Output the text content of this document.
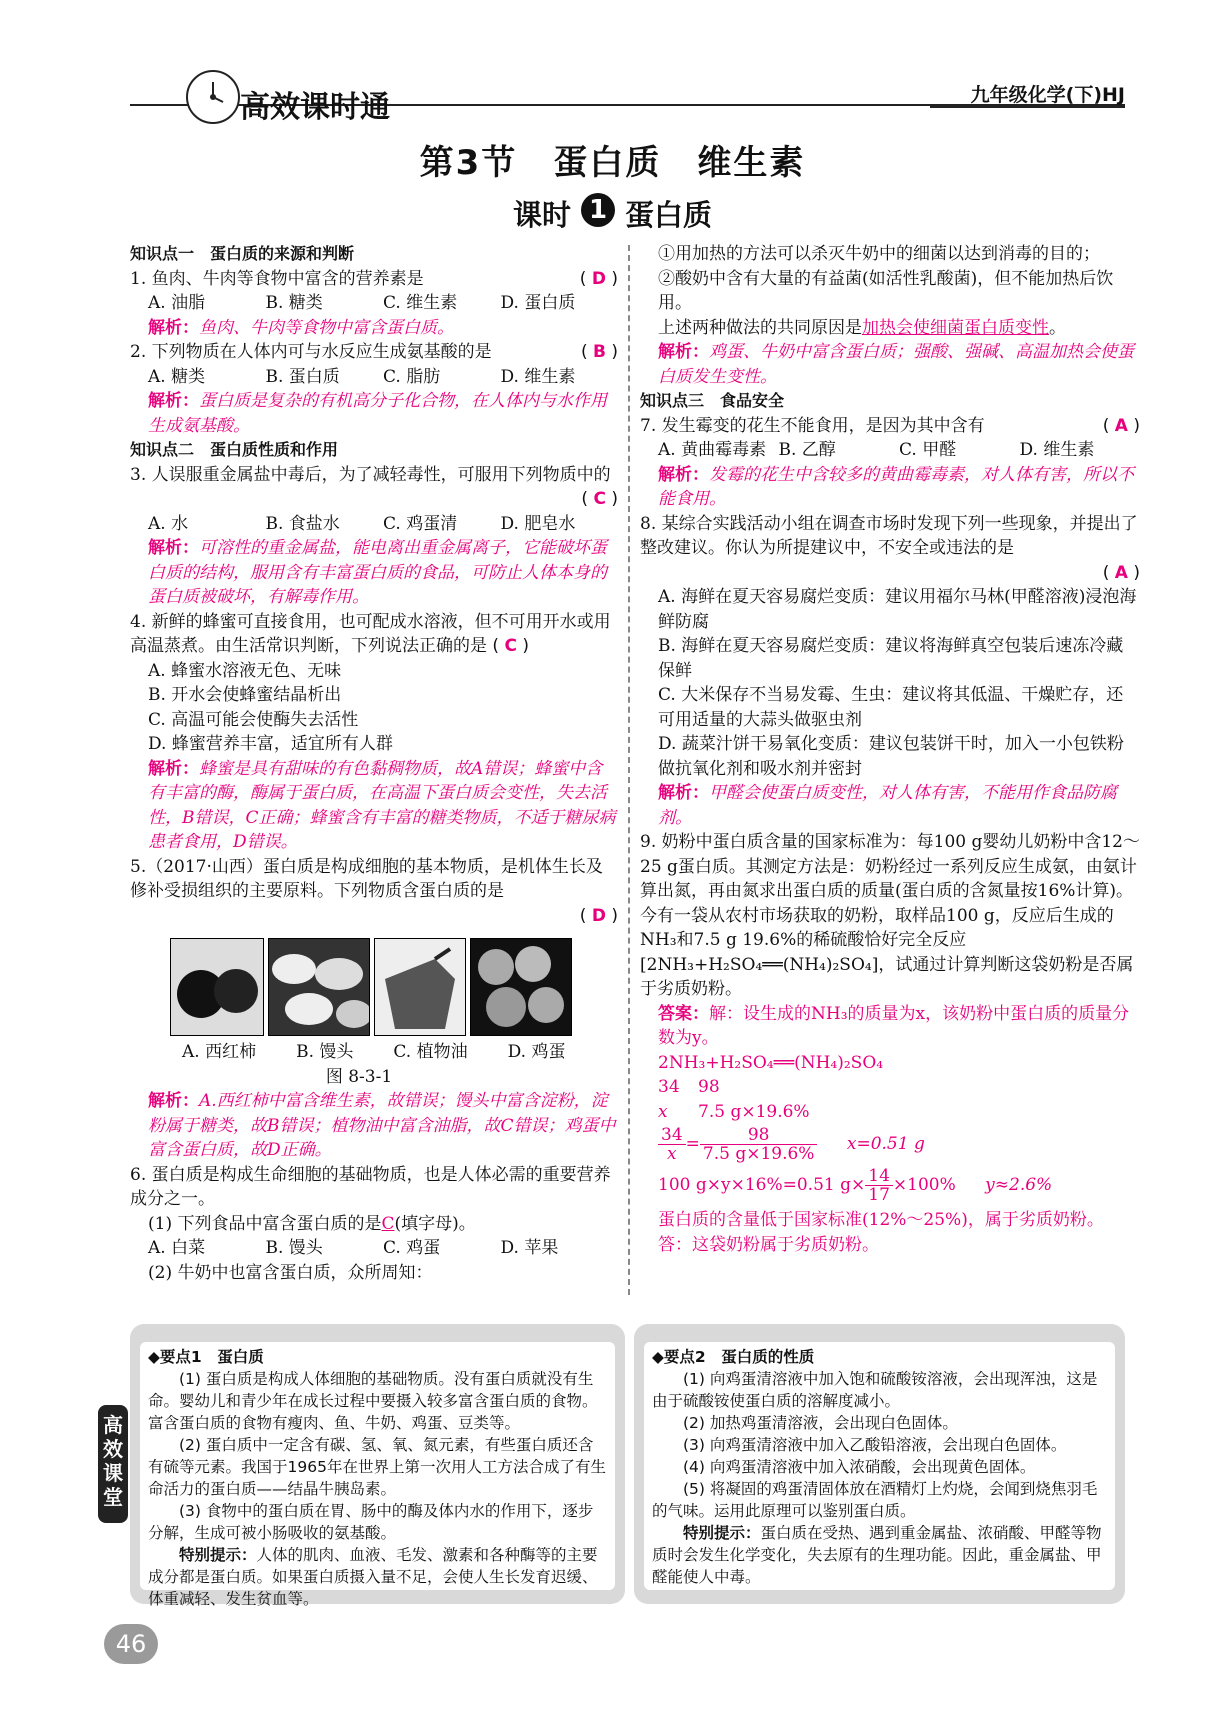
高效课时通	九年级化学(下)HJ
第3节　蛋白质　维生素
课时 1 蛋白质
知识点一　蛋白质的来源和判断
( D )
1. 鱼肉、牛肉等食物中富含的营养素是
A. 油脂	B. 糖类	C. 维生素	D. 蛋白质
解析：鱼肉、牛肉等食物中富含蛋白质。
( B )
2. 下列物质在人体内可与水反应生成氨基酸的是
A. 糖类	B. 蛋白质	C. 脂肪	D. 维生素
解析：蛋白质是复杂的有机高分子化合物，在人体内与水作用生成氨基酸。
知识点二　蛋白质性质和作用
3. 人误服重金属盐中毒后，为了减轻毒性，可服用下列物质中的
( C )
A. 水	B. 食盐水	C. 鸡蛋清	D. 肥皂水
解析：可溶性的重金属盐，能电离出重金属离子，它能破坏蛋白质的结构，服用含有丰富蛋白质的食品，可防止人体本身的蛋白质被破坏，有解毒作用。
4. 新鲜的蜂蜜可直接食用，也可配成水溶液，但不可用开水或用高温蒸煮。由生活常识判断，下列说法正确的是 ( C )
A. 蜂蜜水溶液无色、无味
B. 开水会使蜂蜜结晶析出
C. 高温可能会使酶失去活性
D. 蜂蜜营养丰富，适宜所有人群
解析：蜂蜜是具有甜味的有色黏稠物质，故A错误；蜂蜜中含有丰富的酶，酶属于蛋白质，在高温下蛋白质会变性，失去活性，B错误，C正确；蜂蜜含有丰富的糖类物质，不适于糖尿病患者食用，D错误。
5.（2017·山西）蛋白质是构成细胞的基本物质，是机体生长及修补受损组织的主要原料。下列物质含蛋白质的是
( D )
A. 西红柿 B. 馒头 C. 植物油 D. 鸡蛋
图 8-3-1
解析：A.西红柿中富含维生素，故错误；馒头中富含淀粉，淀粉属于糖类，故B错误；植物油中富含油脂，故C错误；鸡蛋中富含蛋白质，故D正确。
6. 蛋白质是构成生命细胞的基础物质，也是人体必需的重要营养成分之一。
(1) 下列食品中富含蛋白质的是C(填字母)。
A. 白菜	B. 馒头	C. 鸡蛋	D. 苹果
(2) 牛奶中也富含蛋白质，众所周知：
①用加热的方法可以杀灭牛奶中的细菌以达到消毒的目的；
②酸奶中含有大量的有益菌(如活性乳酸菌)，但不能加热后饮用。
上述两种做法的共同原因是加热会使细菌蛋白质变性。
解析：鸡蛋、牛奶中富含蛋白质；强酸、强碱、高温加热会使蛋白质发生变性。
知识点三　食品安全
( A )
7. 发生霉变的花生不能食用，是因为其中含有
A. 黄曲霉毒素 B. 乙醇	C. 甲醛	D. 维生素
解析：发霉的花生中含较多的黄曲霉毒素，对人体有害，所以不能食用。
8. 某综合实践活动小组在调查市场时发现下列一些现象，并提出了整改建议。你认为所提建议中，不安全或违法的是
( A )
A. 海鲜在夏天容易腐烂变质：建议用福尔马林(甲醛溶液)浸泡海鲜防腐
B. 海鲜在夏天容易腐烂变质：建议将海鲜真空包装后速冻冷藏保鲜
C. 大米保存不当易发霉、生虫：建议将其低温、干燥贮存，还可用适量的大蒜头做驱虫剂
D. 蔬菜汁饼干易氧化变质：建议包装饼干时，加入一小包铁粉做抗氧化剂和吸水剂并密封
解析：甲醛会使蛋白质变性，对人体有害，不能用作食品防腐剂。
9. 奶粉中蛋白质含量的国家标准为：每100 g婴幼儿奶粉中含12～25 g蛋白质。其测定方法是：奶粉经过一系列反应生成氨，由氨计算出氮，再由氮求出蛋白质的质量(蛋白质的含氮量按16%计算)。今有一袋从农村市场获取的奶粉，取样品100 g，反应后生成的NH₃和7.5 g 19.6%的稀硫酸恰好完全反应[2NH₃+H₂SO₄══(NH₄)₂SO₄]，试通过计算判断这袋奶粉是否属于劣质奶粉。
答案：解：设生成的NH₃的质量为x，该奶粉中蛋白质的质量分数为y。
2NH₃+H₂SO₄══(NH₄)₂SO₄
34 98
x 7.5 g×19.6%
$\frac{34}{x} = \frac{98}{7.5 g\times 19.6\%} x=0.51$ g
100 g×y×16%=0.51 $g\times \frac{14}{17} \times 100\%$ y≈2.6%
蛋白质的含量低于国家标准(12%～25%)，属于劣质奶粉。
答：这袋奶粉属于劣质奶粉。
◆要点1　蛋白质
(1) 蛋白质是构成人体细胞的基础物质。没有蛋白质就没有生命。婴幼儿和青少年在成长过程中要摄入较多富含蛋白质的食物。富含蛋白质的食物有瘦肉、鱼、牛奶、鸡蛋、豆类等。
(2) 蛋白质中一定含有碳、氢、氧、氮元素，有些蛋白质还含有硫等元素。我国于1965年在世界上第一次用人工方法合成了有生命活力的蛋白质——结晶牛胰岛素。
(3) 食物中的蛋白质在胃、肠中的酶及体内水的作用下，逐步分解，生成可被小肠吸收的氨基酸。
特别提示：人体的肌肉、血液、毛发、激素和各种酶等的主要成分都是蛋白质。如果蛋白质摄入量不足，会使人生长发育迟缓、体重减轻、发生贫血等。
◆要点2　蛋白质的性质
(1) 向鸡蛋清溶液中加入饱和硫酸铵溶液，会出现浑浊，这是由于硫酸铵使蛋白质的溶解度减小。
(2) 加热鸡蛋清溶液，会出现白色固体。
(3) 向鸡蛋清溶液中加入乙酸铅溶液，会出现白色固体。
(4) 向鸡蛋清溶液中加入浓硝酸，会出现黄色固体。
(5) 将凝固的鸡蛋清固体放在酒精灯上灼烧，会闻到烧焦羽毛的气味。运用此原理可以鉴别蛋白质。
特别提示：蛋白质在受热、遇到重金属盐、浓硝酸、甲醛等物质时会发生化学变化，失去原有的生理功能。因此，重金属盐、甲醛能使人中毒。
高效课堂
46
